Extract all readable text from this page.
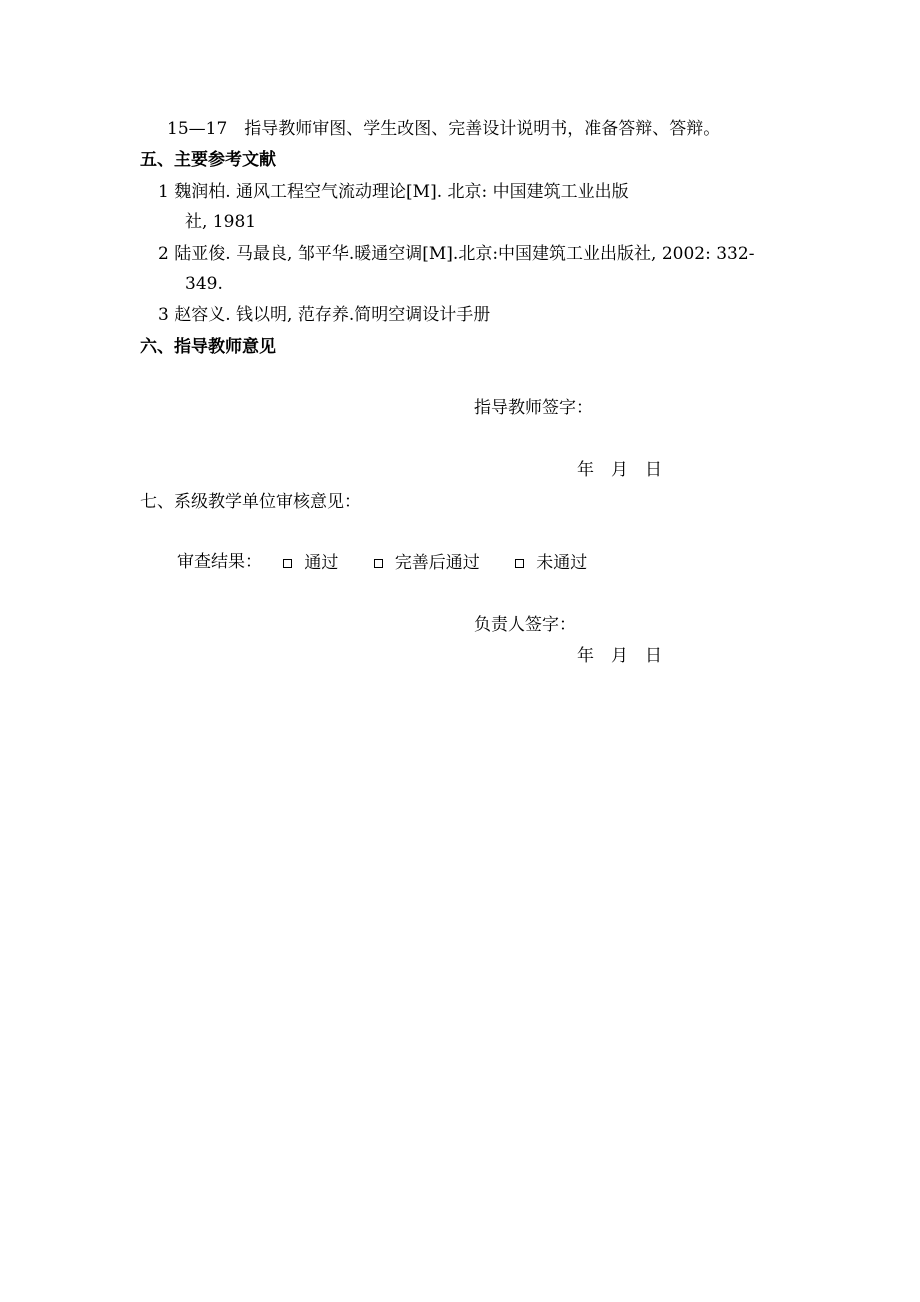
15—17　指导教师审图、学生改图、完善设计说明书，准备答辩、答辩。
五、主要参考文献
1 魏润柏. 通风工程空气流动理论[M]. 北京: 中国建筑工业出版
社, 1981
2 陆亚俊. 马最良, 邹平华.暖通空调[M].北京:中国建筑工业出版社, 2002: 332-
349.
3 赵容义. 钱以明, 范存养.简明空调设计手册
六、指导教师意见
指导教师签字：
年　月　日
七、系级教学单位审核意见：
审查结果： 通过
	完善后通过
	未通过
负责人签字：
年　月　日
